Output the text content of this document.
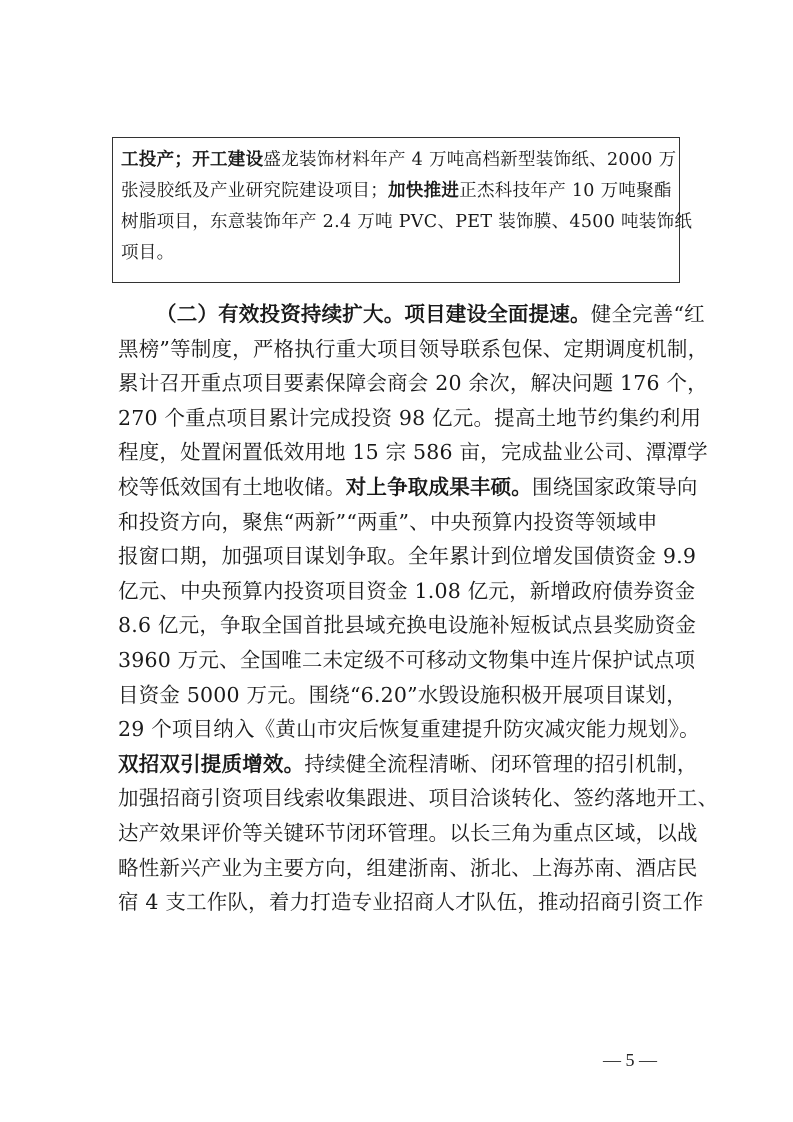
工投产；开工建设盛龙装饰材料年产 4 万吨高档新型装饰纸、2000 万
张浸胶纸及产业研究院建设项目；加快推进正杰科技年产 10 万吨聚酯
树脂项目，东意装饰年产 2.4 万吨 PVC、PET 装饰膜、4500 吨装饰纸
项目。
（二）有效投资持续扩大。项目建设全面提速。健全完善“红
黑榜”等制度，严格执行重大项目领导联系包保、定期调度机制，
累计召开重点项目要素保障会商会 20 余次，解决问题 176 个，
270 个重点项目累计完成投资 98 亿元。提高土地节约集约利用
程度，处置闲置低效用地 15 宗 586 亩，完成盐业公司、潭潭学
校等低效国有土地收储。对上争取成果丰硕。围绕国家政策导向
和投资方向，聚焦“两新”“两重”、中央预算内投资等领域申
报窗口期，加强项目谋划争取。全年累计到位增发国债资金 9.9
亿元、中央预算内投资项目资金 1.08 亿元，新增政府债券资金
8.6 亿元，争取全国首批县域充换电设施补短板试点县奖励资金
3960 万元、全国唯二未定级不可移动文物集中连片保护试点项
目资金 5000 万元。围绕“6.20”水毁设施积极开展项目谋划，
29 个项目纳入《黄山市灾后恢复重建提升防灾减灾能力规划》。
双招双引提质增效。持续健全流程清晰、闭环管理的招引机制，
加强招商引资项目线索收集跟进、项目洽谈转化、签约落地开工、
达产效果评价等关键环节闭环管理。以长三角为重点区域，以战
略性新兴产业为主要方向，组建浙南、浙北、上海苏南、酒店民
宿 4 支工作队，着力打造专业招商人才队伍，推动招商引资工作
— 5 —
